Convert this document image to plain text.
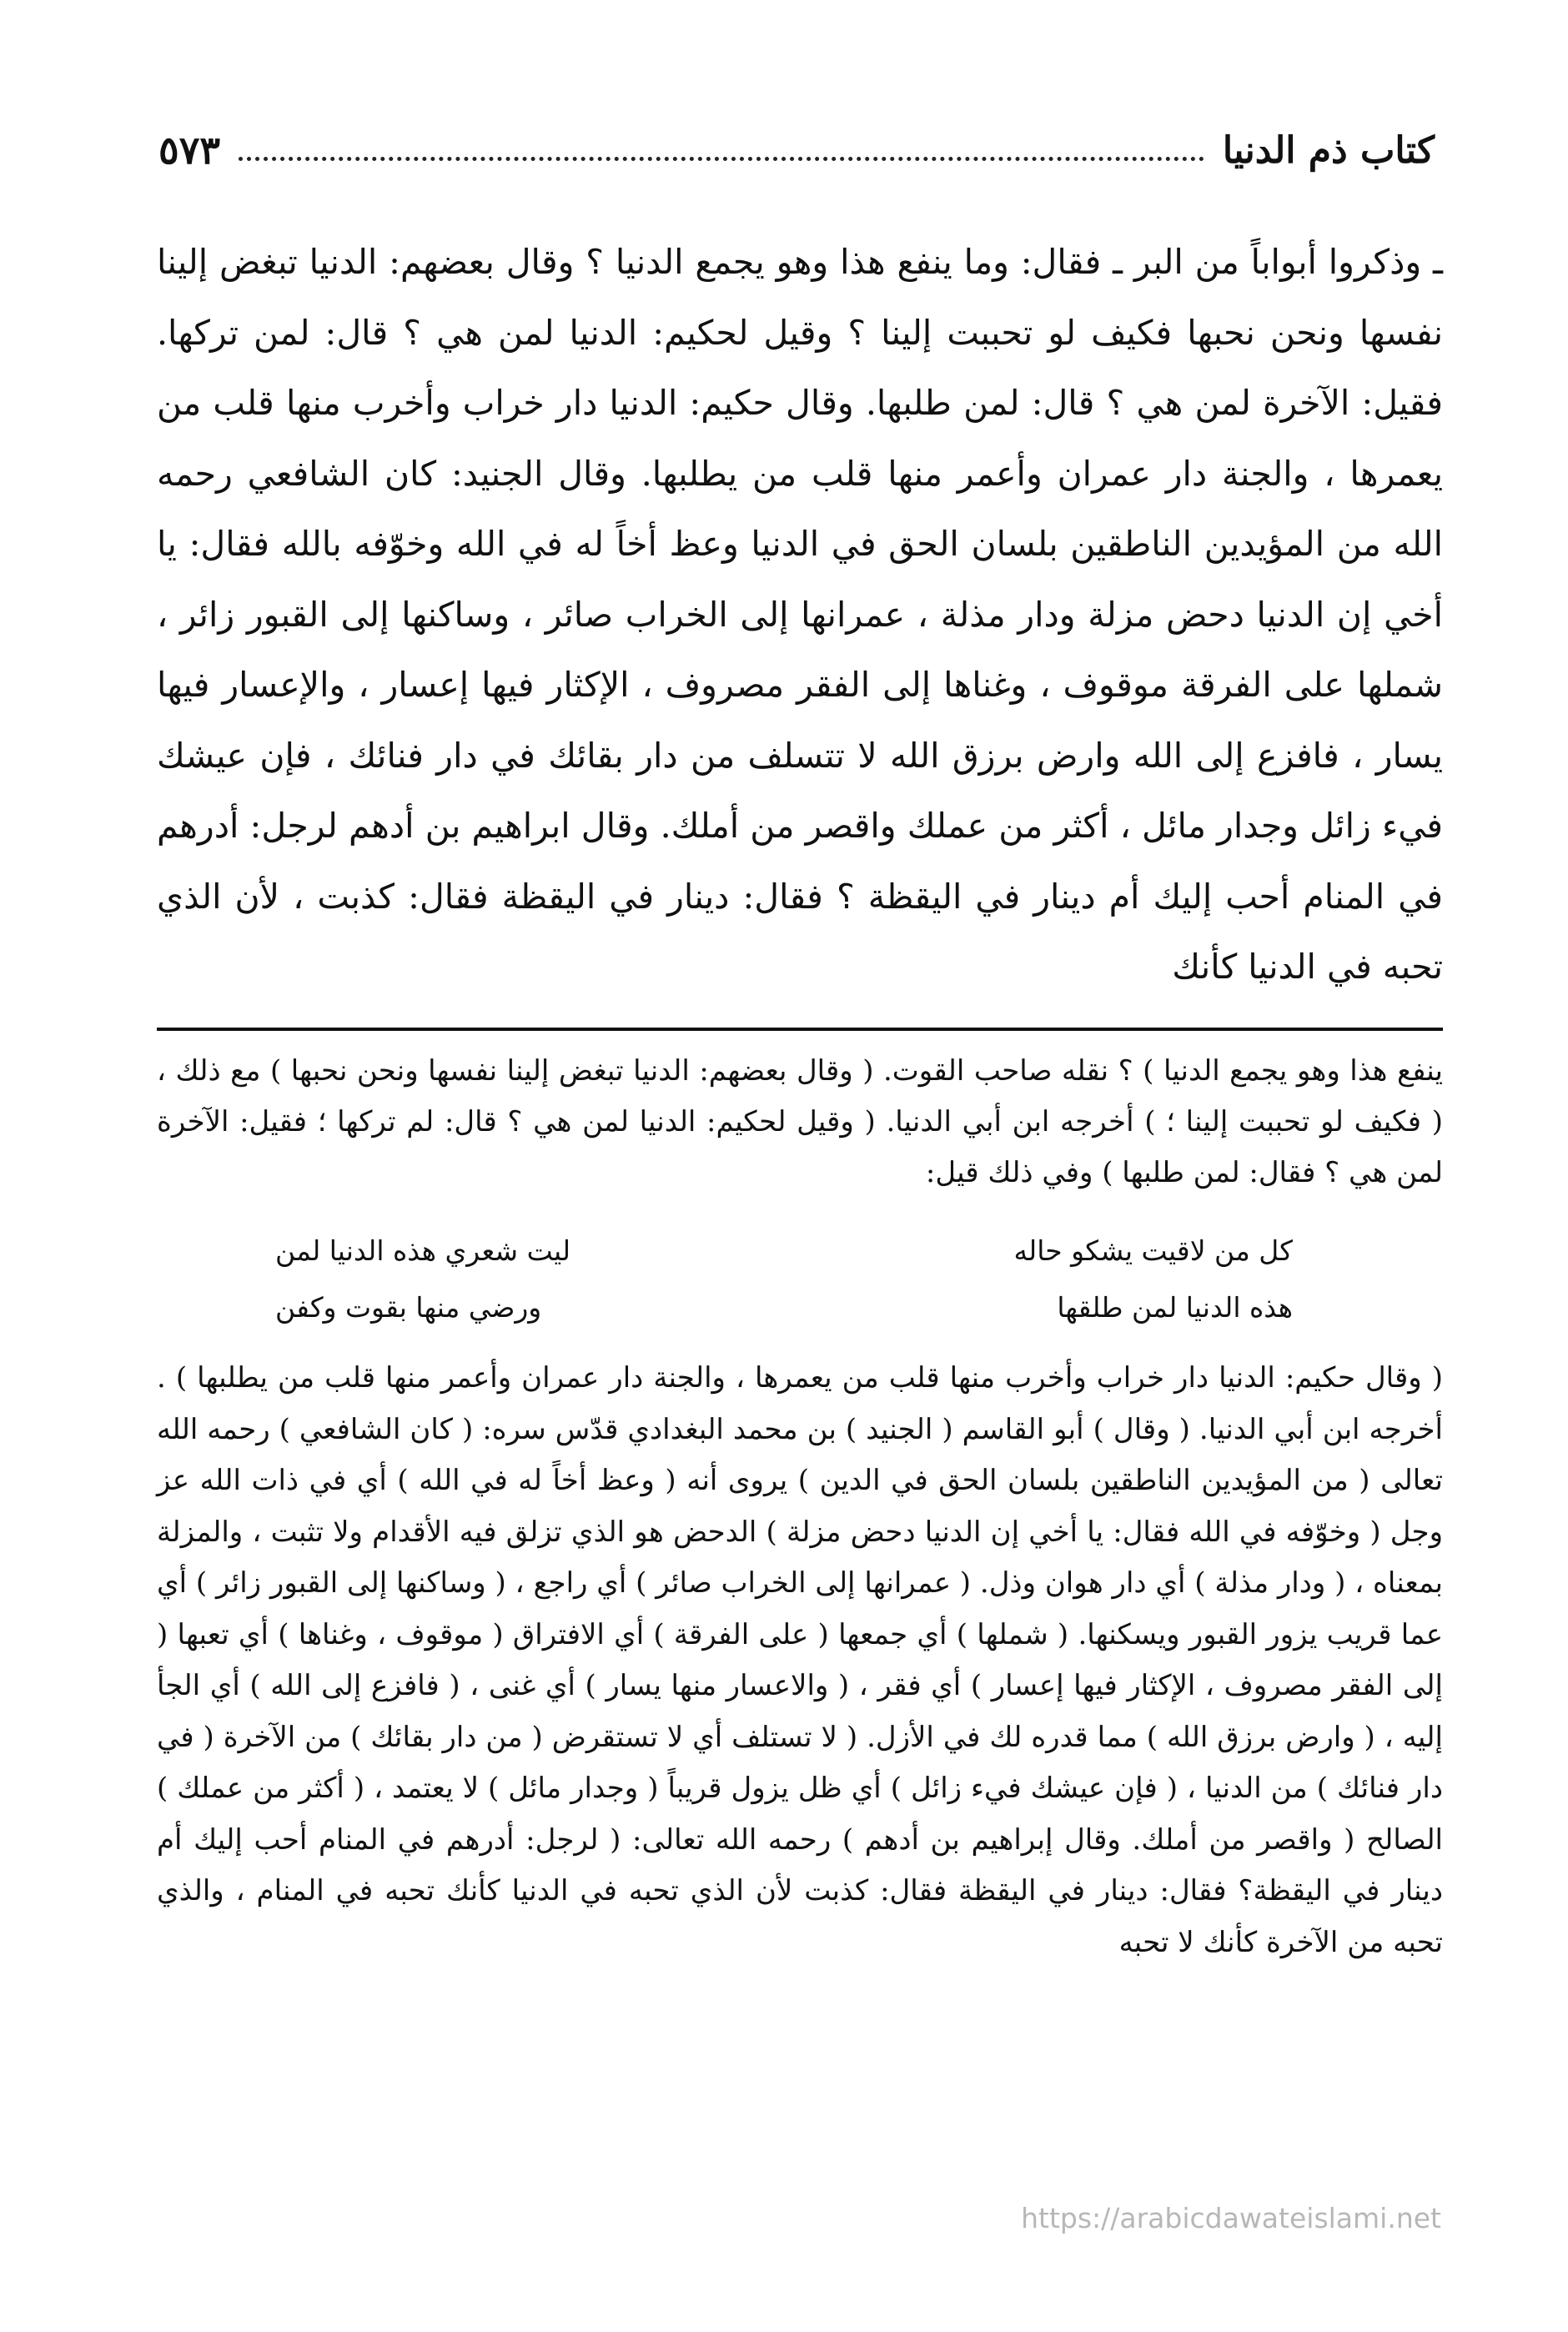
كتاب ذم الدنيا
٥٧٣

ـ وذكروا أبواباً من البر ـ فقال: وما ينفع هذا وهو يجمع الدنيا ؟ وقال بعضهم: الدنيا تبغض إلينا نفسها ونحن نحبها فكيف لو تحببت إلينا ؟ وقيل لحكيم: الدنيا لمن هي ؟ قال: لمن تركها. فقيل: الآخرة لمن هي ؟ قال: لمن طلبها. وقال حكيم: الدنيا دار خراب وأخرب منها قلب من يعمرها ، والجنة دار عمران وأعمر منها قلب من يطلبها. وقال الجنيد: كان الشافعي رحمه الله من المؤيدين الناطقين بلسان الحق في الدنيا وعظ أخاً له في الله وخوّفه بالله فقال: يا أخي إن الدنيا دحض مزلة ودار مذلة ، عمرانها إلى الخراب صائر ، وساكنها إلى القبور زائر ، شملها على الفرقة موقوف ، وغناها إلى الفقر مصروف ، الإكثار فيها إعسار ، والإعسار فيها يسار ، فافزع إلى الله وارض برزق الله لا تتسلف من دار بقائك في دار فنائك ، فإن عيشك فيء زائل وجدار مائل ، أكثر من عملك واقصر من أملك. وقال ابراهيم بن أدهم لرجل: أدرهم في المنام أحب إليك أم دينار في اليقظة ؟ فقال: دينار في اليقظة فقال: كذبت ، لأن الذي تحبه في الدنيا كأنك

ينفع هذا وهو يجمع الدنيا ) ؟ نقله صاحب القوت. ( وقال بعضهم: الدنيا تبغض إلينا نفسها ونحن نحبها ) مع ذلك ، ( فكيف لو تحببت إلينا ؛ ) أخرجه ابن أبي الدنيا. ( وقيل لحكيم: الدنيا لمن هي ؟ قال: لم تركها ؛ فقيل: الآخرة لمن هي ؟ فقال: لمن طلبها ) وفي ذلك قيل:

كل من لاقيت يشكو حاله
ليت شعري هذه الدنيا لمن
هذه الدنيا لمن طلقها
ورضي منها بقوت وكفن

( وقال حكيم: الدنيا دار خراب وأخرب منها قلب من يعمرها ، والجنة دار عمران وأعمر منها قلب من يطلبها ) . أخرجه ابن أبي الدنيا. ( وقال ) أبو القاسم ( الجنيد ) بن محمد البغدادي قدّس سره: ( كان الشافعي ) رحمه الله تعالى ( من المؤيدين الناطقين بلسان الحق في الدين ) يروى أنه ( وعظ أخاً له في الله ) أي في ذات الله عز وجل ( وخوّفه في الله فقال: يا أخي إن الدنيا دحض مزلة ) الدحض هو الذي تزلق فيه الأقدام ولا تثبت ، والمزلة بمعناه ، ( ودار مذلة ) أي دار هوان وذل. ( عمرانها إلى الخراب صائر ) أي راجع ، ( وساكنها إلى القبور زائر ) أي عما قريب يزور القبور ويسكنها. ( شملها ) أي جمعها ( على الفرقة ) أي الافتراق ( موقوف ، وغناها ) أي تعبها ( إلى الفقر مصروف ، الإكثار فيها إعسار ) أي فقر ، ( والاعسار منها يسار ) أي غنى ، ( فافزع إلى الله ) أي الجأ إليه ، ( وارض برزق الله ) مما قدره لك في الأزل. ( لا تستلف أي لا تستقرض ( من دار بقائك ) من الآخرة ( في دار فنائك ) من الدنيا ، ( فإن عيشك فيء زائل ) أي ظل يزول قريباً ( وجدار مائل ) لا يعتمد ، ( أكثر من عملك ) الصالح ( واقصر من أملك. وقال إبراهيم بن أدهم ) رحمه الله تعالى: ( لرجل: أدرهم في المنام أحب إليك أم دينار في اليقظة؟ فقال: دينار في اليقظة فقال: كذبت لأن الذي تحبه في الدنيا كأنك تحبه في المنام ، والذي تحبه من الآخرة كأنك لا تحبه

https://arabicdawateislami.net
